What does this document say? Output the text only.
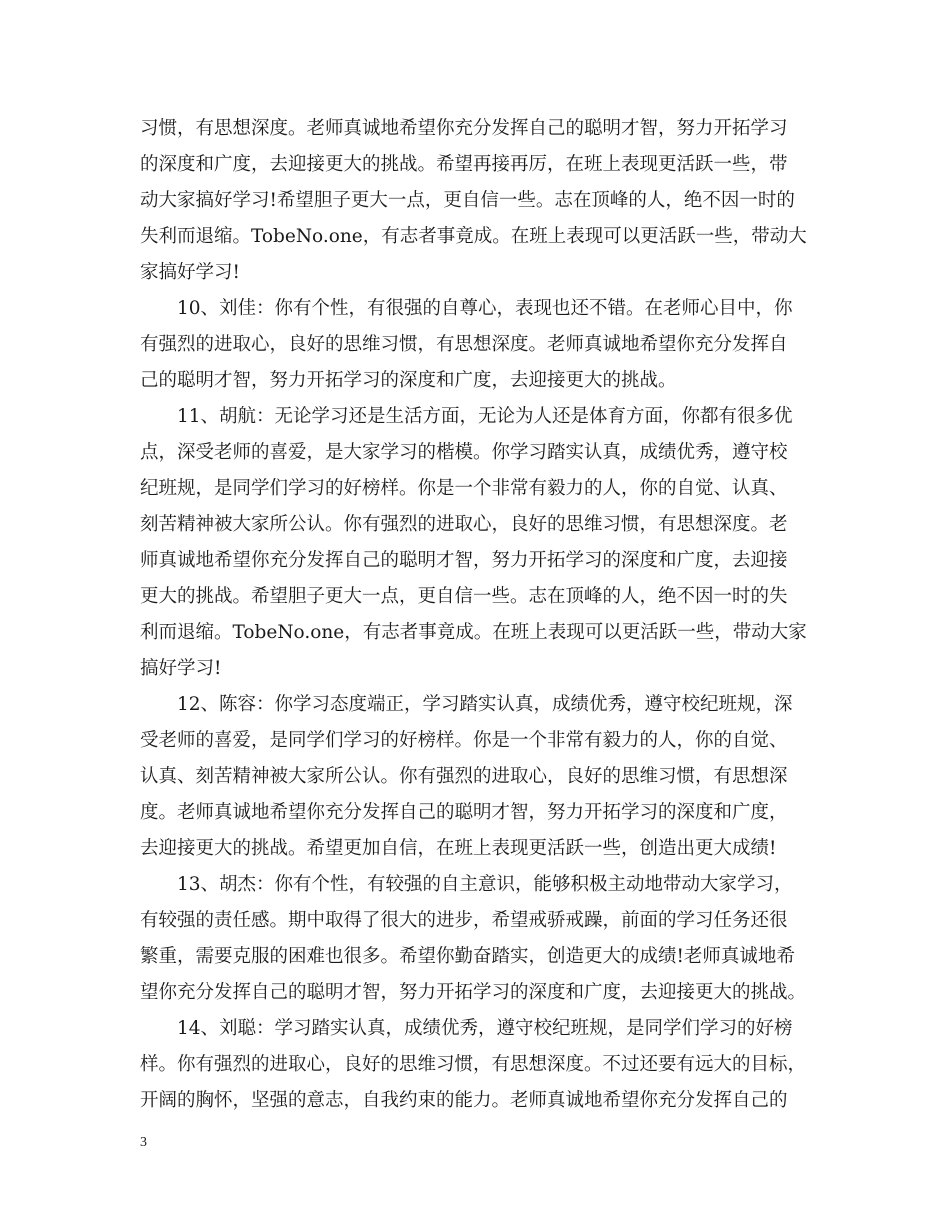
习惯，有思想深度。老师真诚地希望你充分发挥自己的聪明才智，努力开拓学习
的深度和广度，去迎接更大的挑战。希望再接再厉，在班上表现更活跃一些，带
动大家搞好学习!希望胆子更大一点，更自信一些。志在顶峰的人，绝不因一时的
失利而退缩。TobeNo.one，有志者事竟成。在班上表现可以更活跃一些，带动大
家搞好学习!
10、刘佳：你有个性，有很强的自尊心，表现也还不错。在老师心目中，你
有强烈的进取心，良好的思维习惯，有思想深度。老师真诚地希望你充分发挥自
己的聪明才智，努力开拓学习的深度和广度，去迎接更大的挑战。
11、胡航：无论学习还是生活方面，无论为人还是体育方面，你都有很多优
点，深受老师的喜爱，是大家学习的楷模。你学习踏实认真，成绩优秀，遵守校
纪班规，是同学们学习的好榜样。你是一个非常有毅力的人，你的自觉、认真、
刻苦精神被大家所公认。你有强烈的进取心，良好的思维习惯，有思想深度。老
师真诚地希望你充分发挥自己的聪明才智，努力开拓学习的深度和广度，去迎接
更大的挑战。希望胆子更大一点，更自信一些。志在顶峰的人，绝不因一时的失
利而退缩。TobeNo.one，有志者事竟成。在班上表现可以更活跃一些，带动大家
搞好学习!
12、陈容：你学习态度端正，学习踏实认真，成绩优秀，遵守校纪班规，深
受老师的喜爱，是同学们学习的好榜样。你是一个非常有毅力的人，你的自觉、
认真、刻苦精神被大家所公认。你有强烈的进取心，良好的思维习惯，有思想深
度。老师真诚地希望你充分发挥自己的聪明才智，努力开拓学习的深度和广度，
去迎接更大的挑战。希望更加自信，在班上表现更活跃一些，创造出更大成绩!
13、胡杰：你有个性，有较强的自主意识，能够积极主动地带动大家学习，
有较强的责任感。期中取得了很大的进步，希望戒骄戒躁，前面的学习任务还很
繁重，需要克服的困难也很多。希望你勤奋踏实，创造更大的成绩!老师真诚地希
望你充分发挥自己的聪明才智，努力开拓学习的深度和广度，去迎接更大的挑战。
14、刘聪：学习踏实认真，成绩优秀，遵守校纪班规，是同学们学习的好榜
样。你有强烈的进取心，良好的思维习惯，有思想深度。不过还要有远大的目标，
开阔的胸怀，坚强的意志，自我约束的能力。老师真诚地希望你充分发挥自己的
3
